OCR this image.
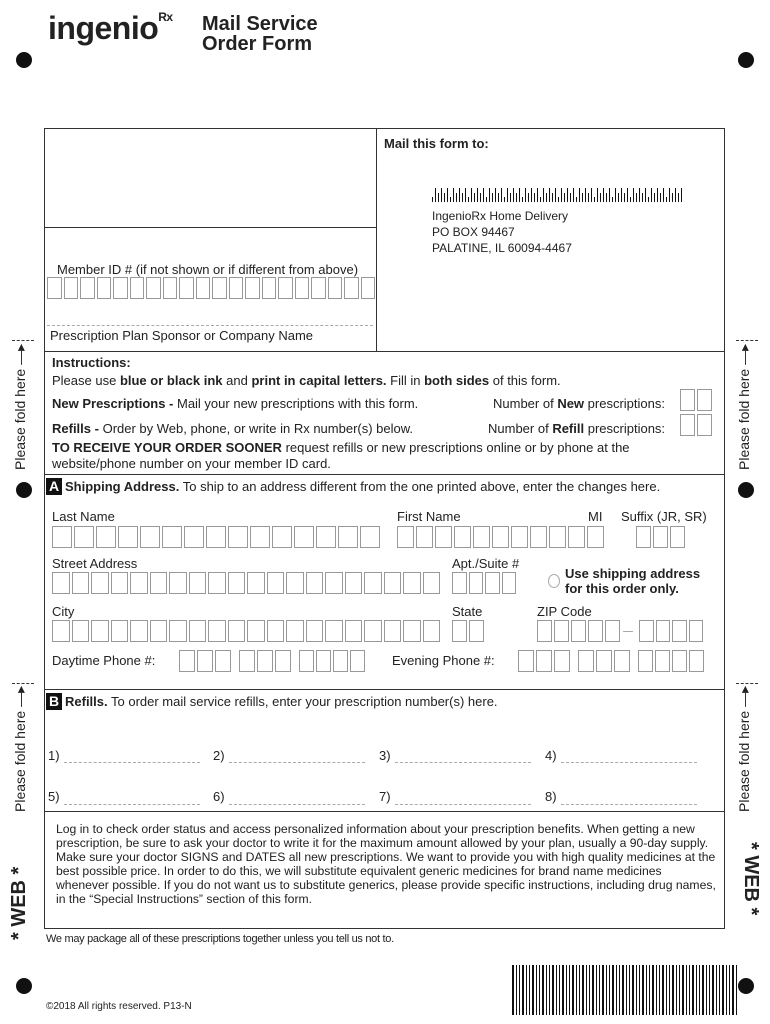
ingenio$^{Rx}$ Mail Service
Order Form
Mail this form to:
IngenioRx Home Delivery
PO BOX 94467
PALATINE, IL 60094-4467
Member ID # (if not shown or if different from above)
Prescription Plan Sponsor or Company Name
Instructions:
Please use blue or black ink and print in capital letters. Fill in both sides of this form.
New Prescriptions - Mail your new prescriptions with this form.	Number of New prescriptions:
Refills - Order by Web, phone, or write in Rx number(s) below.	Number of Refill prescriptions:
TO RECEIVE YOUR ORDER SOONER request refills or new prescriptions online or by phone at the
website/phone number on your member ID card.
A Shipping Address. To ship to an address different from the one printed above, enter the changes here.
Last Name	First Name	MI Suffix (JR, SR)
Street Address	Apt./Suite #
Use shipping address
for this order only.
City	State	ZIP Code
Daytime Phone #:	Evening Phone #:
B Refills. To order mail service refills, enter your prescription number(s) here.
1)	2)	3)	4)
5)	6)	7)	8)
Log in to check order status and access personalized information about your prescription benefits. When getting a new prescription, be sure to ask your doctor to write it for the maximum amount allowed by your plan, usually a 90-day supply. Make sure your doctor SIGNS and DATES all new prescriptions. We want to provide you with high quality medicines at the best possible price. In order to do this, we will substitute equivalent generic medicines for brand name medicines whenever possible. If you do not want us to substitute generics, please provide specific instructions, including drug names, in the “Special Instructions” section of this form.
We may package all of these prescriptions together unless you tell us not to.
©2018 All rights reserved. P13-N
Please fold here ―▸
Please fold here ―▸
Please fold here ―▸
Please fold here ―▸
* WEB *	* WEB *
